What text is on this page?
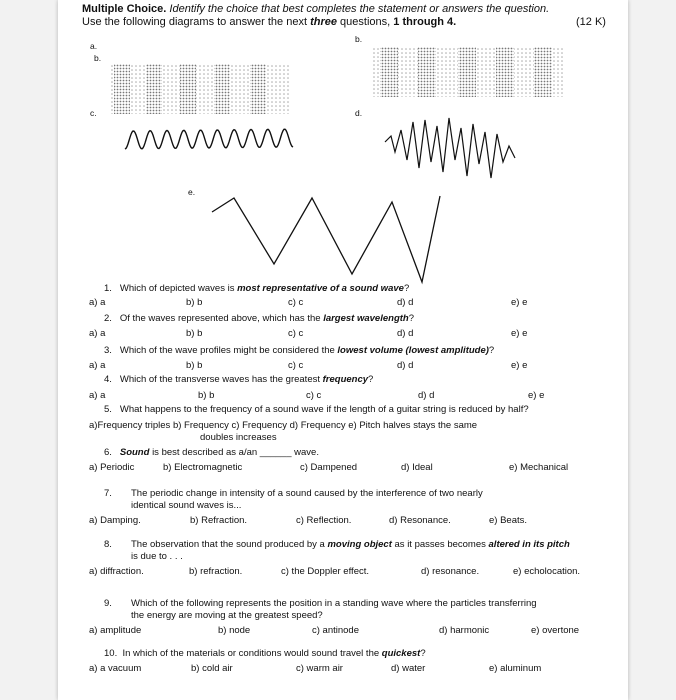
Multiple Choice. Identify the choice that best completes the statement or answers the question.
Use the following diagrams to answer the next three questions, 1 through 4.	(12 K)
a.
b.
b.
c.	d.
e.
1. Which of depicted waves is most representative of a sound wave?
a) a	b) b	c) c	d) d	e) e
2. Of the waves represented above, which has the largest wavelength?
a) a	b) b	c) c	d) d	e) e
3. Which of the wave profiles might be considered the lowest volume (lowest amplitude)?
a) a	b) b	c) c	d) d	e) e
4. Which of the transverse waves has the greatest frequency?
a) a	b) b	c) c	d) d	e) e
5. What happens to the frequency of a sound wave if the length of a guitar string is reduced by half?
a)Frequency triples b) Frequency c) Frequency d) Frequency e) Pitch halves stays the same
doubles increases
6. Sound is best described as a/an ______ wave.
a) Periodic	b) Electromagnetic	c) Dampened	d) Ideal	e) Mechanical
7. The periodic change in intensity of a sound caused by the interference of two nearly
identical sound waves is...
a) Damping.	b) Refraction.	c) Reflection.	d) Resonance.	e) Beats.
8. The observation that the sound produced by a moving object as it passes becomes altered in its pitch
is due to . . .
a) diffraction.	b) refraction.	c) the Doppler effect.	d) resonance.	e) echolocation.
9. Which of the following represents the position in a standing wave where the particles transferring
the energy are moving at the greatest speed?
a) amplitude	b) node	c) antinode	d) harmonic	e) overtone
10. In which of the materials or conditions would sound travel the quickest?
a) a vacuum	b) cold air	c) warm air	d) water	e) aluminum
